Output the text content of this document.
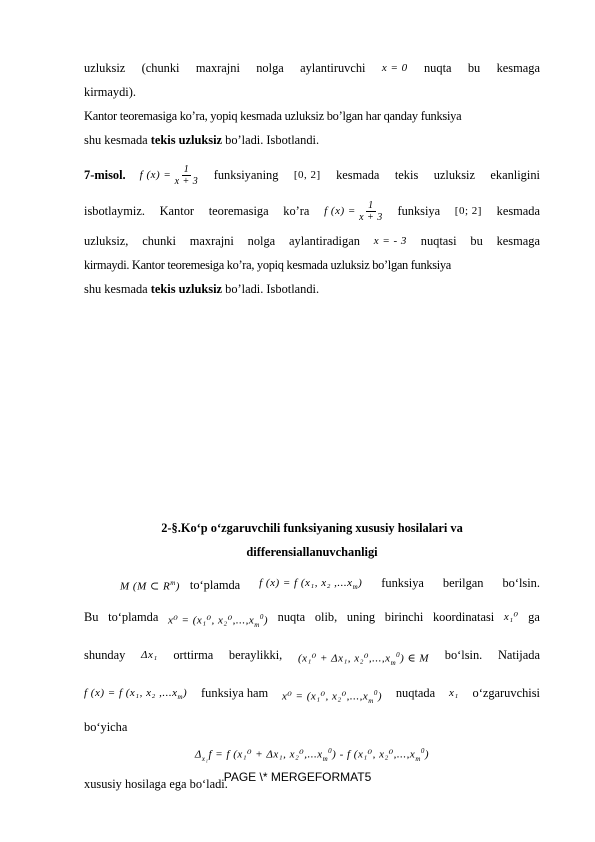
uzluksiz (chunki maxrajni nolga aylantiruvchi x = 0 nuqta bu kesmaga
kirmaydi).
Kantor teoremasiga ko’ra, yopiq kesmada uzluksiz bo’lgan har qanday funksiya
shu kesmada tekis uzluksiz bo’ladi. Isbotlandi.
7-misol. f $(x) = \frac{1}{x + 3}$ funksiyaning [0, 2] kesmada tekis uzluksiz ekanligini
isbotlaymiz. Kantor teoremasiga ko’ra f $(x) = \frac{1}{x + 3}$ funksiya [0; 2] kesmada
uzluksiz, chunki maxrajni nolga aylantiradigan x = - 3 nuqtasi bu kesmaga
kirmaydi. Kantor teoremesiga ko’ra, yopiq kesmada uzluksiz bo’lgan funksiya
shu kesmada tekis uzluksiz bo’ladi. Isbotlandi.
2-§.Ko‘p o‘zgaruvchili funksiyaning xususiy hosilalari va
differensiallanuvchanligi
M (M ⊂ $R^m$) to‘plamda f (x) = f (x₁, x₂ $,...x_m$) funksiya berilgan bo‘lsin.
Bu to‘plamda x⁰ = (x₁⁰, $x_2^0,...,x_m^0$) nuqta olib, uning birinchi koordinatasi x₁⁰ ga
shunday Δx₁ orttirma beraylikki, (x₁⁰ + Δx₁, $x_2^0,...,x_m^0$) ∈ M bo‘lsin. Natijada
f (x) = f (x₁, x₂ $,...x_m$) funksiya ham x⁰ = (x₁⁰, $x_2^0,...,x_m^0$) nuqtada x₁ o‘zgaruvchisi
bo‘yicha
$\Delta_{x_1}f = f$ (x₁⁰ + Δx₁, $x_2^0,...x_m^0$) - f (x₁⁰, $x_2^0,...,x_m^0$)
xususiy hosilaga ega bo‘ladi.
PAGE \* MERGEFORMAT5
